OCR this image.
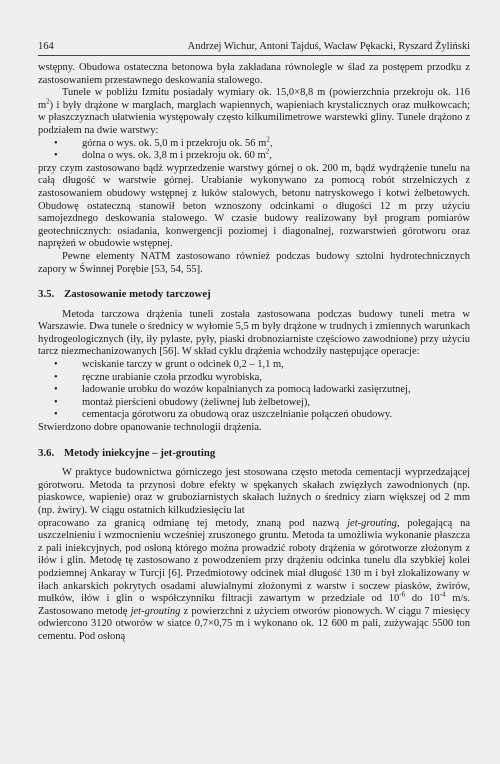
164	Andrzej Wichur, Antoni Tajduś, Wacław Pękacki, Ryszard Żyliński

wstępny. Obudowa ostateczna betonowa była zakładana równolegle w ślad za postępem przodku z zastosowaniem przestawnego deskowania stalowego.

Tunele w pobliżu Izmitu posiadały wymiary ok. 15,0×8,8 m (powierzchnia przekroju ok. 116 $m^2$) i były drążone w marglach, marglach wapiennych, wapieniach krystalicznych oraz mułkowcach; w płaszczyznach ułatwienia występowały często kilkumilimetrowe warstewki gliny. Tunele drążono z podziałem na dwie warstwy:

• górna o wys. ok. 5,0 m i przekroju ok. 56 $m^2$,
• dolna o wys. ok. 3,8 m i przekroju ok. 60 $m^2$,

przy czym zastosowano bądź wyprzedzenie warstwy górnej o ok. 200 m, bądź wydrążenie tunelu na całą długość w warstwie górnej. Urabianie wykonywano za pomocą robót strzelniczych z zastosowaniem obudowy wstępnej z łuków stalowych, betonu natryskowego i kotwi żelbetowych. Obudowę ostateczną stanowił beton wznoszony odcinkami o długości 12 m przy użyciu samojezdnego deskowania stalowego. W czasie budowy realizowany był program pomiarów geotechnicznych: osiadania, konwergencji poziomej i diagonalnej, rozwarstwień górotworu oraz naprężeń w obudowie wstępnej.

Pewne elementy NATM zastosowano również podczas budowy sztolni hydrotechnicznych zapory w Świnnej Porębie [53, 54, 55].

3.5. Zastosowanie metody tarczowej

Metoda tarczowa drążenia tuneli została zastosowana podczas budowy tuneli metra w Warszawie. Dwa tunele o średnicy w wyłomie 5,5 m były drążone w trudnych i zmiennych warunkach hydrogeologicznych (iły, iły pylaste, pyły, piaski drobnoziarniste częściowo zawodnione) przy użyciu tarcz niezmechanizowanych [56]. W skład cyklu drążenia wchodziły następujące operacje:

• wciskanie tarczy w grunt o odcinek 0,2 – 1,1 m,
• ręczne urabianie czoła przodku wyrobiska,
• ładowanie urobku do wozów kopalnianych za pomocą ładowarki zasięrzutnej,
• montaż pierścieni obudowy (żeliwnej lub żelbetowej),
• cementacja górotworu za obudową oraz uszczelnianie połączeń obudowy.

Stwierdzono dobre opanowanie technologii drążenia.

3.6. Metody iniekcyjne – jet-grouting

W praktyce budownictwa górniczego jest stosowana często metoda cementacji wyprzedzającej górotworu. Metoda ta przynosi dobre efekty w spękanych skałach zwięzłych zawodnionych (np. piaskowce, wapienie) oraz w gruboziarnistych skałach luźnych o średnicy ziarn większej od 2 mm (np. żwiry). W ciągu ostatnich kilkudziesięciu lat

opracowano za granicą odmianę tej metody, znaną pod nazwą jet-grouting, polegającą na uszczelnieniu i wzmocnieniu wcześniej zruszonego gruntu. Metoda ta umożliwia wykonanie płaszcza z pali iniekcyjnych, pod osłoną którego można prowadzić roboty drążenia w górotworze złożonym z iłów i glin. Metodę tę zastosowano z powodzeniem przy drążeniu odcinka tunelu dla szybkiej kolei podziemnej Ankaray w Turcji [6]. Przedmiotowy odcinek miał długość 130 m i był zlokalizowany w iłach ankarskich pokrytych osadami aluwialnymi złożonymi z warstw i soczew piasków, żwirów, mułków, iłów i glin o współczynniku filtracji zawartym w przedziale od $10^{-6}$ do $10^{-4}$ m/s. Zastosowano metodę jet-grouting z powierzchni z użyciem otworów pionowych. W ciągu 7 miesięcy odwiercono 3120 otworów w siatce 0,7×0,75 m i wykonano ok. 12 600 m pali, zużywając 5500 ton cementu. Pod osłoną
